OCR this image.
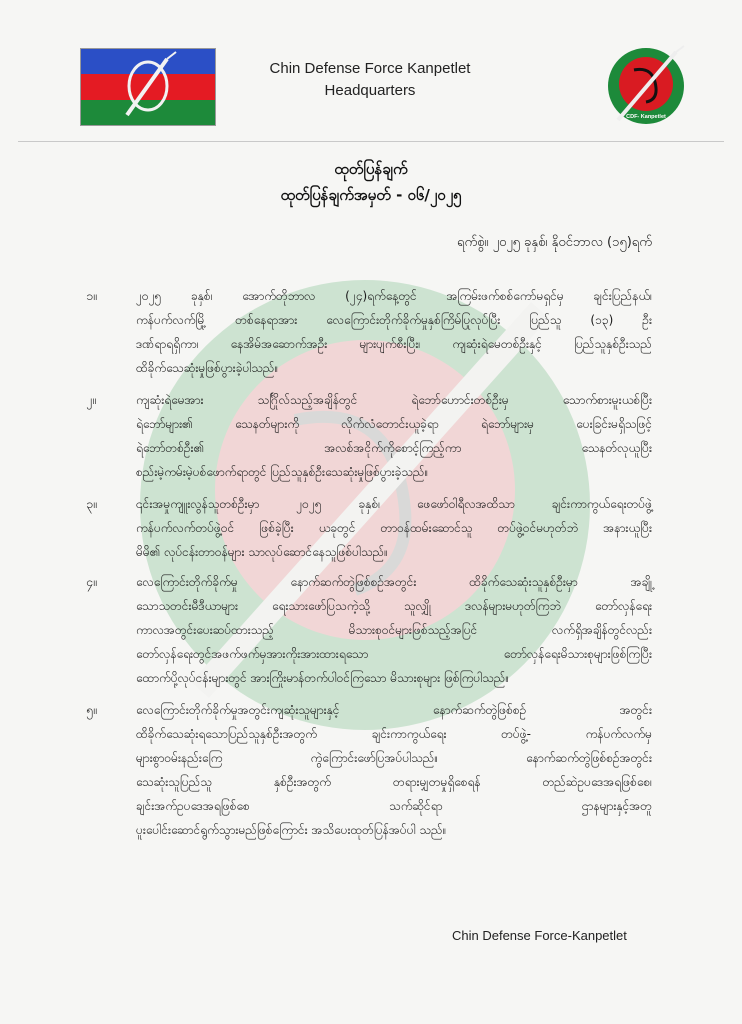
Chin Defense Force Kanpetlet
Headquarters
CDF- Kanpetlet
ထုတ်ပြန်ချက်
ထုတ်ပြန်ချက်အမှတ် - ၀၆/၂၀၂၅
ရက်စွဲ။ ၂၀၂၅ ခုနှစ်၊ နိုဝင်ဘာလ (၁၅)ရက်
၁။	၂၀၂၅ ခုနှစ်၊ အောက်တိုဘာလ (၂၄)ရက်နေ့တွင် အကြမ်းဖက်စစ်ကော်မရှင်မှ ချင်းပြည်နယ်၊
ကန်ပက်လက်မြို့ တစ်နေရာအား လေကြောင်းတိုက်ခိုက်မှုနှစ်ကြိမ်ပြုလုပ်ပြီး ပြည်သူ (၁၃) ဦး
ဒဏ်ရာရရှိကာ၊ နေအိမ်အဆောက်အဦး များပျက်စီးပြီး၊ ကျဆုံးရဲမေတစ်ဦးနှင့် ပြည်သူနှစ်ဦးသည်
ထိခိုက်သေဆုံးမှုဖြစ်ပွားခဲ့ပါသည်။
၂။	ကျဆုံးရဲမေအား သင်္ဂြိုလ်သည့်အချိန်တွင် ရဲဘော်ဟောင်းတစ်ဦးမှ သောက်စားမူးယစ်ပြီး
ရဲဘော်များ၏ သေနတ်များကို လိုက်လံတောင်းယူခဲ့ရာ ရဲဘော်များမှ ပေးခြင်းမရှိသဖြင့်
ရဲဘော်တစ်ဦး၏ အလစ်အငိုက်ကိုစောင့်ကြည့်ကာ သေနတ်လုယူပြီး
စည်းမဲ့ကမ်းမဲ့ပစ်ဖောက်ရာတွင် ပြည်သူနှစ်ဦးသေဆုံးမှုဖြစ်ပွားခဲ့သည်။
၃။	၎င်းအမှုကျူးလွန်သူတစ်ဦးမှာ ၂၀၂၅ ခုနှစ်၊ ဖေဖော်ဝါရီလအထိသာ ချင်းကာကွယ်ရေးတပ်ဖွဲ့
ကန်ပက်လက်တပ်ဖွဲ့ဝင် ဖြစ်ခဲ့ပြီး ယခုတွင် တာဝန်ထမ်းဆောင်သူ တပ်ဖွဲ့ဝင်မဟုတ်ဘဲ အနားယူပြီး
မိမိ၏ လုပ်ငန်းတာဝန်များ သာလုပ်ဆောင်နေသူဖြစ်ပါသည်။
၄။	လေကြောင်းတိုက်ခိုက်မှု နောက်ဆက်တွဲဖြစ်စဉ်အတွင်း ထိခိုက်သေဆုံးသူနှစ်ဦးမှာ အချို့
သောသတင်းမီဒီယာများ ရေးသားဖော်ပြသကဲ့သို့ သူလျှို ဒလန်များမဟုတ်ကြဘဲ တော်လှန်ရေး
ကာလအတွင်းပေးဆပ်ထားသည့် မိသားစုဝင်များဖြစ်သည့်အပြင် လက်ရှိအချိန်တွင်လည်း
တော်လှန်ရေးတွင်အဖက်ဖက်မှအားကိုးအားထားရသော တော်လှန်ရေးမိသားစုများဖြစ်ကြပြီး
ထောက်ပို့လုပ်ငန်းများတွင် အားကြိုးမာန်တက်ပါဝင်ကြသော မိသားစုများ ဖြစ်ကြပါသည်။
၅။	လေကြောင်းတိုက်ခိုက်မှုအတွင်းကျဆုံးသူများနှင့် နောက်ဆက်တွဲဖြစ်စဉ် အတွင်း
ထိခိုက်သေဆုံးရသောပြည်သူနှစ်ဦးအတွက် ချင်းကာကွယ်ရေး တပ်ဖွဲ့- ကန်ပက်လက်မှ
များစွာဝမ်းနည်းကြေ ကွဲကြောင်းဖော်ပြအပ်ပါသည်။ နောက်ဆက်တွဲဖြစ်စဉ်အတွင်း
သေဆုံးသူပြည်သူ နှစ်ဦးအတွက် တရားမျှတမှုရှိစေရန် တည်ဆဲဥပဒေအရဖြစ်စေ၊
ချင်းအက်ဥပဒေအရဖြစ်စေ သက်ဆိုင်ရာ ဌာနများနှင့်အတူ
ပူးပေါင်းဆောင်ရွက်သွားမည်ဖြစ်ကြောင်း အသိပေးထုတ်ပြန်အပ်ပါ သည်။
Chin Defense Force-Kanpetlet
